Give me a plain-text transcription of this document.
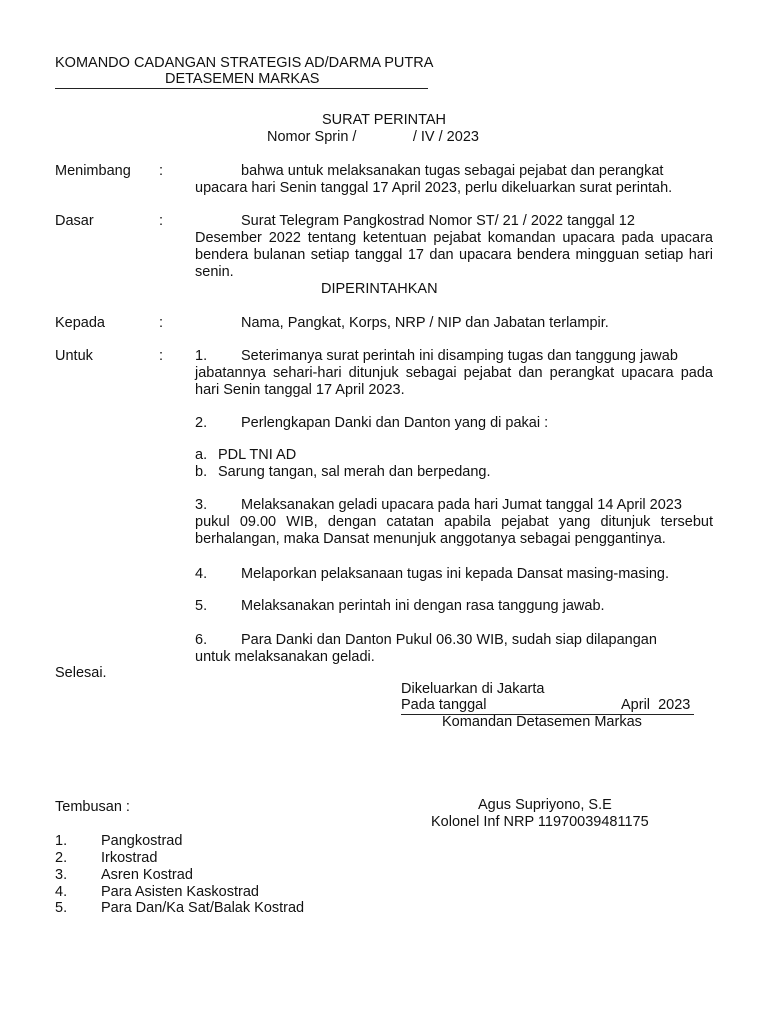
KOMANDO CADANGAN STRATEGIS AD/DARMA PUTRA
DETASEMEN MARKAS
SURAT PERINTAH
Nomor Sprin /              / IV / 2023
Menimbang :	bahwa untuk melaksanakan tugas sebagai pejabat dan perangkat
upacara hari Senin tanggal 17 April 2023, perlu dikeluarkan surat perintah.
Dasar	:	Surat Telegram Pangkostrad Nomor ST/ 21 / 2022 tanggal 12
Desember 2022 tentang ketentuan pejabat komandan upacara pada upacara bendera bulanan setiap tanggal 17 dan upacara bendera mingguan setiap hari senin.
DIPERINTAHKAN
Kepada	:	Nama, Pangkat, Korps, NRP / NIP dan Jabatan terlampir.
Untuk	: 1. Seterimanya surat perintah ini disamping tugas dan tanggung jawab
jabatannya sehari-hari ditunjuk sebagai pejabat dan perangkat upacara pada hari Senin tanggal 17 April 2023.
2. Perlengkapan Danki dan Danton yang di pakai :
a. PDL TNI AD
b. Sarung tangan, sal merah dan berpedang.
3. Melaksanakan geladi upacara pada hari Jumat tanggal 14 April 2023
pukul 09.00 WIB, dengan catatan apabila pejabat yang ditunjuk tersebut berhalangan, maka Dansat menunjuk anggotanya sebagai penggantinya.
4. Melaporkan pelaksanaan tugas ini kepada Dansat masing-masing.
5. Melaksanakan perintah ini dengan rasa tanggung jawab.
6. Para Danki dan Danton Pukul 06.30 WIB, sudah siap dilapangan
untuk melaksanakan geladi.
Selesai.
Dikeluarkan di Jakarta
Pada tanggal	April  2023
Komandan Detasemen Markas
Tembusan :	Agus Supriyono, S.E
Kolonel Inf NRP 11970039481175
1. Pangkostrad
2. Irkostrad
3. Asren Kostrad
4. Para Asisten Kaskostrad
5. Para Dan/Ka Sat/Balak Kostrad
